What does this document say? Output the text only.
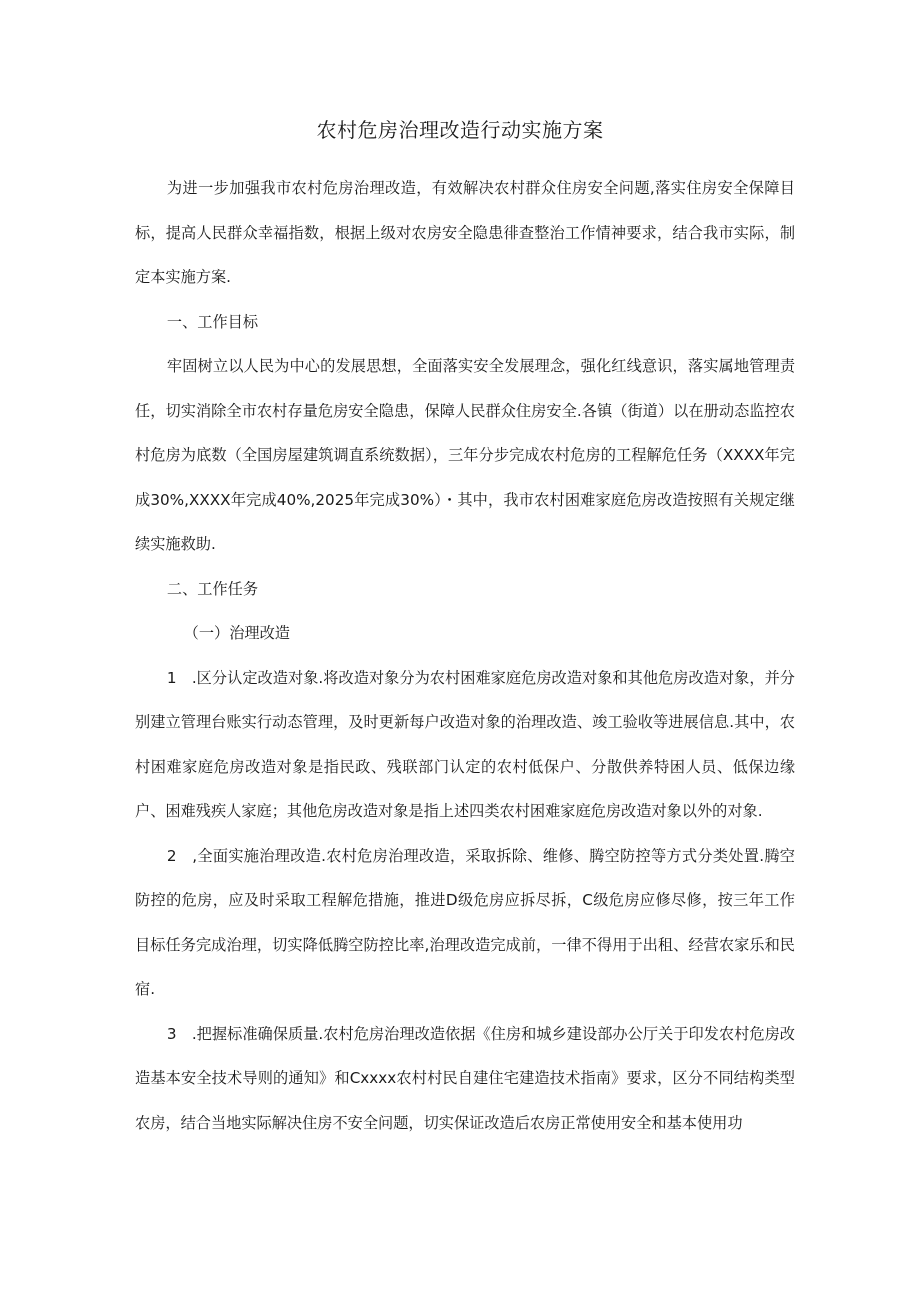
农村危房治理改造行动实施方案

为进一步加强我市农村危房治理改造，有效解决农村群众住房安全问题,落实住房安全保障目标，提高人民群众幸福指数，根据上级对农房安全隐患徘查整治工作情神要求，结合我市实际，制定本实施方案.

一、工作目标

牢固树立以人民为中心的发展思想，全面落实安全发展理念，强化红线意识，落实属地管理责任，切实消除全市农村存量危房安全隐患，保障人民群众住房安全.各镇（街道）以在册动态监控农村危房为底数（全国房屋建筑调直系统数据），三年分步完成农村危房的工程解危任务（XXXX年完成30%,XXXX年完成40%,2025年完成30%）・其中，我市农村困难家庭危房改造按照有关规定继续实施救助.

二、工作任务

（一）治理改造

1　.区分认定改造对象.将改造对象分为农村困难家庭危房改造对象和其他危房改造对象，并分别建立管理台账实行动态管理，及时更新每户改造对象的治理改造、竣工验收等进展信息.其中，农村困难家庭危房改造对象是指民政、残联部门认定的农村低保户、分散供养特困人员、低保边缘户、困难残疾人家庭；其他危房改造对象是指上述四类农村困难家庭危房改造对象以外的对象.

2　,全面实施治理改造.农村危房治理改造，采取拆除、维修、腾空防控等方式分类处置.腾空防控的危房，应及时采取工程解危措施，推进D级危房应拆尽拆，C级危房应修尽修，按三年工作目标任务完成治理，切实降低腾空防控比率,治理改造完成前，一律不得用于出租、经营农家乐和民宿.

3　.把握标准确保质量.农村危房治理改造依据《住房和城乡建设部办公厅关于印发农村危房改造基本安全技术导则的通知》和Cxxxx农村村民自建住宅建造技术指南》要求，区分不同结构类型农房，结合当地实际解决住房不安全问题，切实保证改造后农房正常使用安全和基本使用功
